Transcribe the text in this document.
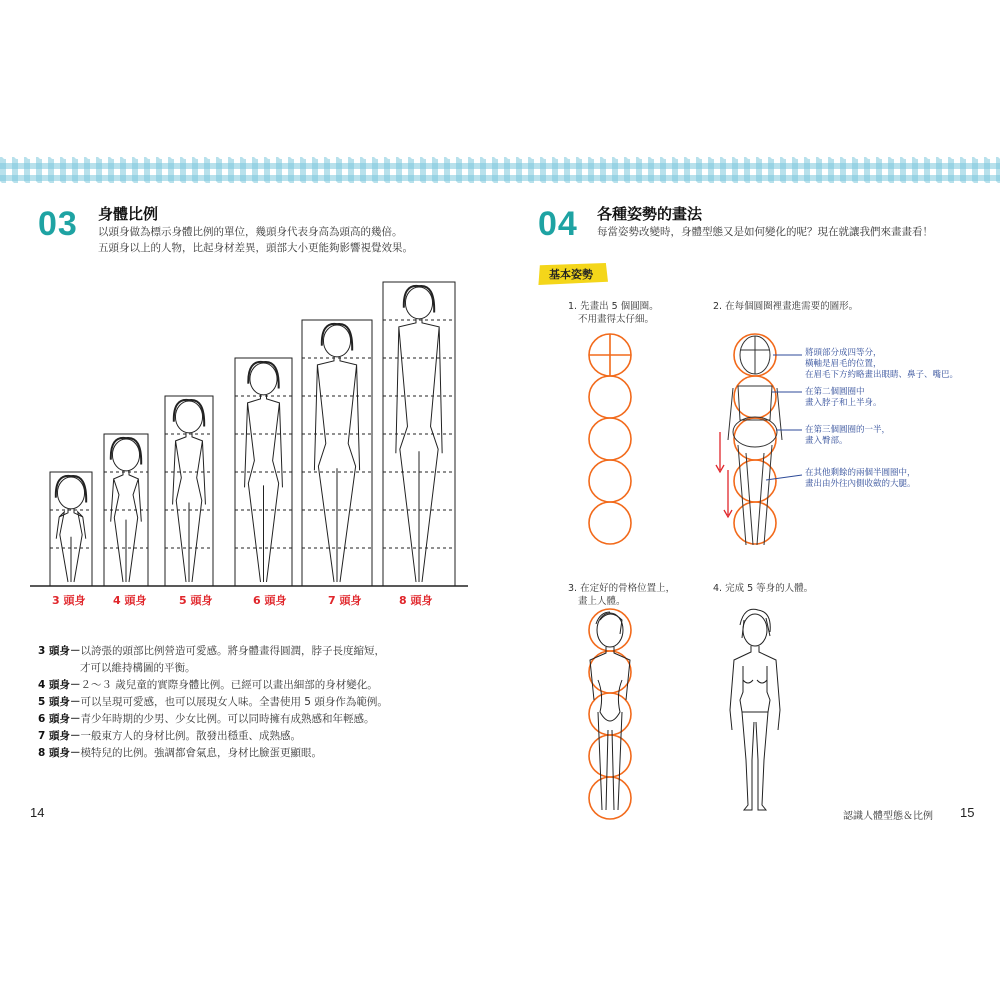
03 身體比例
以頭身做為標示身體比例的單位，幾頭身代表身高為頭高的幾倍。
五頭身以上的人物，比起身材差異，頭部大小更能夠影響視覺效果。
3 頭身	4 頭身	5 頭身	6 頭身	7 頭身	8 頭身
3 頭身－以誇張的頭部比例營造可愛感。將身體畫得圓潤，脖子長度縮短，
才可以維持構圖的平衡。
4 頭身－２～３ 歲兒童的實際身體比例。已經可以畫出細部的身材變化。
5 頭身－可以呈現可愛感，也可以展現女人味。全書使用 5 頭身作為範例。
6 頭身－青少年時期的少男、少女比例。可以同時擁有成熟感和年輕感。
7 頭身－一般東方人的身材比例。散發出穩重、成熟感。
8 頭身－模特兒的比例。強調都會氣息，身材比臉蛋更顯眼。
14
04 各種姿勢的畫法
每當姿勢改變時，身體型態又是如何變化的呢？現在就讓我們來畫畫看！
基本姿勢
1. 先畫出 5 個圓圈。
不用畫得太仔細。
2. 在每個圓圈裡畫進需要的圖形。
3. 在定好的骨格位置上，
畫上人體。
4. 完成 5 等身的人體。
將頭部分成四等分，
橫軸是眉毛的位置，
在眉毛下方約略畫出眼睛、鼻子、嘴巴。
在第二個圓圈中
畫入脖子和上半身。
在第三個圓圈的一半，
畫入臀部。
在其他剩餘的兩個半圓圈中，
畫出由外往內側收斂的大腿。
認識人體型態＆比例 15
